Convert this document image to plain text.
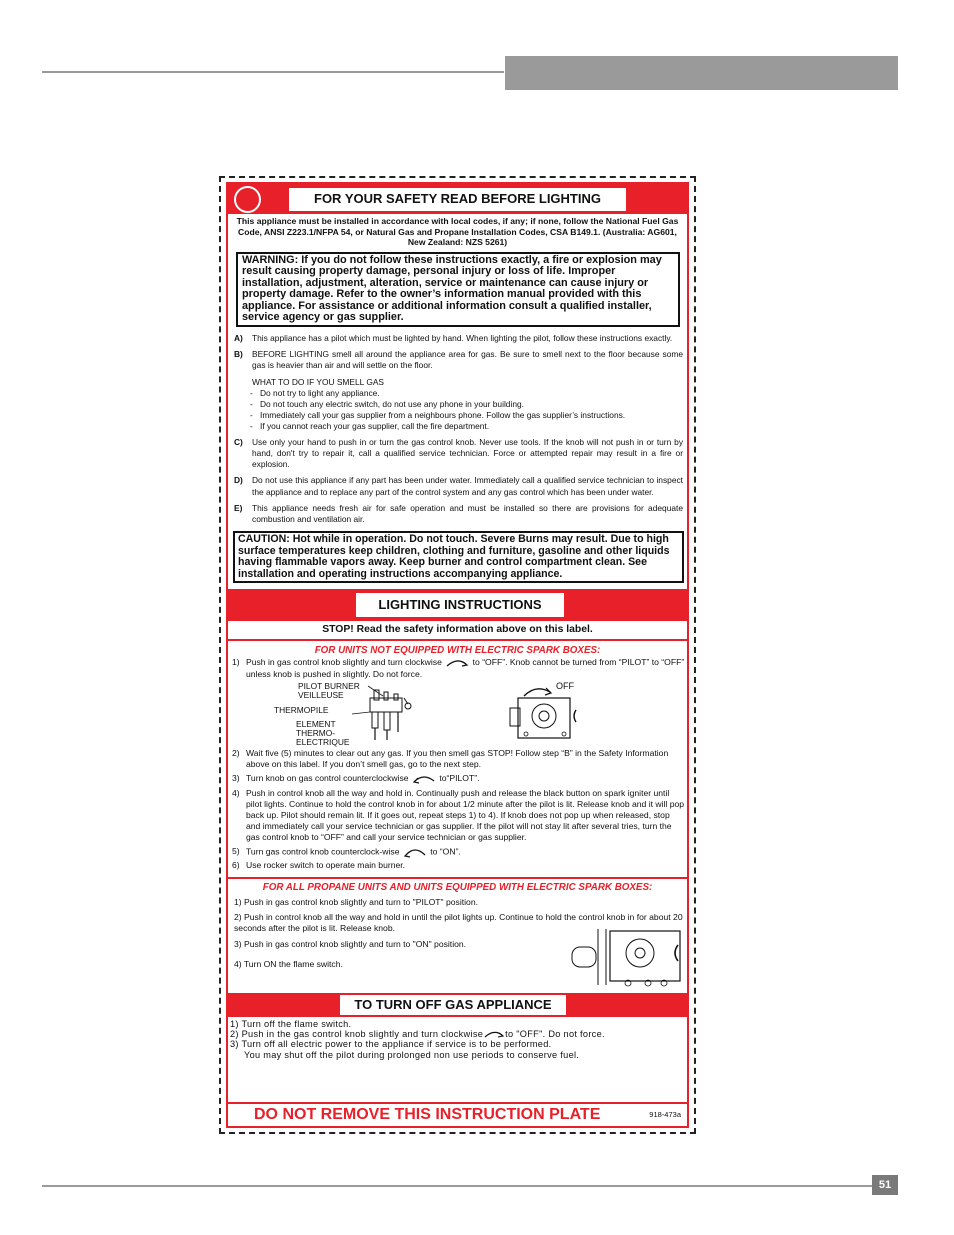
FOR YOUR SAFETY READ BEFORE LIGHTING
This appliance must be installed in accordance with local codes, if any; if none, follow the National Fuel Gas Code, ANSI Z223.1/NFPA 54, or Natural Gas and Propane Installation Codes, CSA B149.1. (Australia: AG601, New Zealand: NZS 5261)
WARNING: If you do not follow these instructions exactly, a fire or explosion may result causing property damage, personal injury or loss of life. Improper installation, adjustment, alteration, service or maintenance can cause injury or property damage. Refer to the owner’s information manual provided with this appliance. For assistance or additional information consult a qualified installer, service agency or gas supplier.
A)	This appliance has a pilot which must be lighted by hand. When lighting the pilot, follow these instructions exactly.
B)	BEFORE LIGHTING smell all around the appliance area for gas. Be sure to smell next to the floor because some gas is heavier than air and will settle on the floor.
WHAT TO DO IF YOU SMELL GAS
- Do not try to light any appliance.
- Do not touch any electric switch, do not use any phone in your building.
- Immediately call your gas supplier from a neighbours phone. Follow the gas supplier’s instructions.
- If you cannot reach your gas supplier, call the fire department.
C)	Use only your hand to push in or turn the gas control knob. Never use tools. If the knob will not push in or turn by hand, don't try to repair it, call a qualified service technician. Force or attempted repair may result in a fire or explosion.
D)	Do not use this appliance if any part has been under water. Immediately call a qualified service technician to inspect the appliance and to replace any part of the control system and any gas control which has been under water.
E)	This appliance needs fresh air for safe operation and must be installed so there are provisions for adequate combustion and ventilation air.
CAUTION: Hot while in operation. Do not touch. Severe Burns may result. Due to high surface temperatures keep children, clothing and furniture, gasoline and other liquids having flammable vapors away. Keep burner and control compartment clean. See installation and operating instructions accompanying appliance.
LIGHTING INSTRUCTIONS
STOP! Read the safety information above on this label.
FOR UNITS NOT EQUIPPED WITH ELECTRIC SPARK BOXES:
1) Push in gas control knob slightly and turn clockwise	to “OFF”. Knob cannot be turned from “PILOT” to “OFF” unless knob is pushed in slightly. Do not force.
PILOT BURNER
VEILLEUSE
THERMOPILE
ELEMENT
THERMO-
ELECTRIQUE
OFF
2) Wait five (5) minutes to clear out any gas. If you then smell gas STOP! Follow step “B” in the Safety Information above on this label. If you don’t smell gas, go to the next step.
3) Turn knob on gas control counterclockwise	to“PILOT”.
4) Push in control knob all the way and hold in. Continually push and release the black button on spark igniter until pilot lights. Continue to hold the control knob in for about 1/2 minute after the pilot is lit. Release knob and it will pop back up. Pilot should remain lit. If it goes out, repeat steps 1) to 4). If knob does not pop up when released, stop and immediately call your service technician or gas supplier. If the pilot will not stay lit after several tries, turn the gas control knob to “OFF” and call your service technician or gas supplier.
5) Turn gas control knob counterclock-wise	to “ON”.
6) Use rocker switch to operate main burner.
FOR ALL PROPANE UNITS AND UNITS EQUIPPED WITH ELECTRIC SPARK BOXES:
1) Push in gas control knob slightly and turn to "PILOT" position.
2) Push in control knob all the way and hold in until the pilot lights up. Continue to hold the control knob in for about 20 seconds after the pilot is lit. Release knob.
3) Push in gas control knob slightly and turn to "ON" position.
4) Turn ON the flame switch.
TO TURN OFF GAS APPLIANCE
1) Turn off the flame switch.
2) Push in the gas control knob slightly and turn clockwise to "OFF". Do not force.
3) Turn off all electric power to the appliance if service is to be performed.
You may shut off the pilot during prolonged non use periods to conserve fuel.
DO NOT REMOVE THIS INSTRUCTION PLATE	918-473a
51
